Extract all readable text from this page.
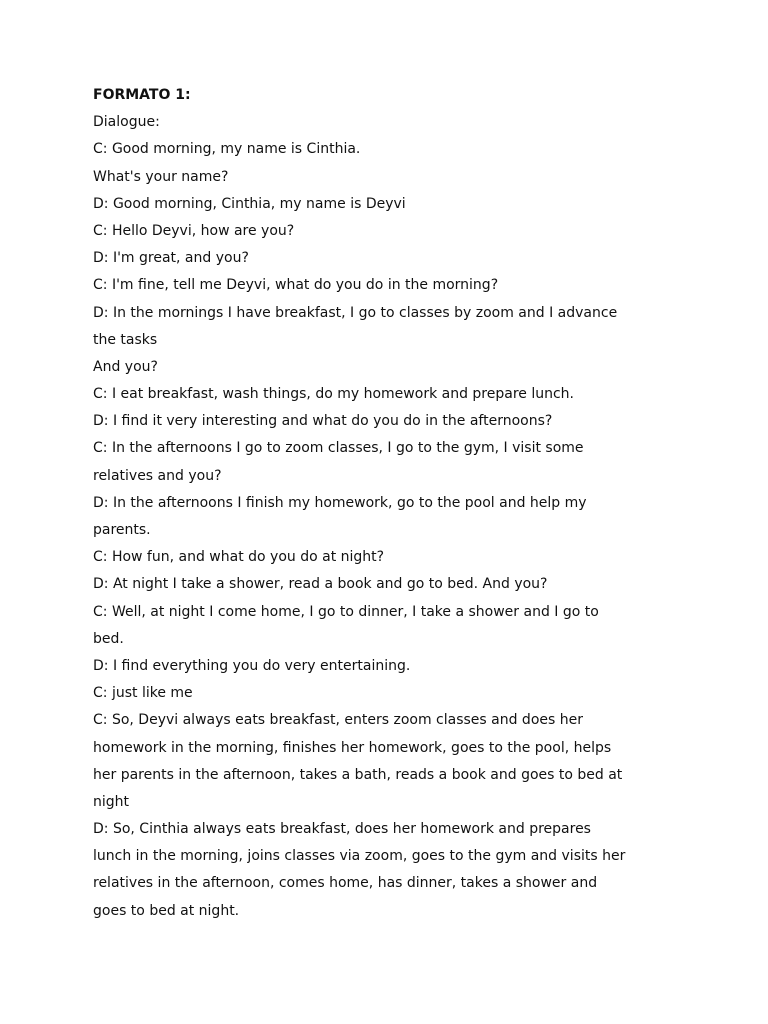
FORMATO 1:
Dialogue:
C: Good morning, my name is Cinthia.
What's your name?
D: Good morning, Cinthia, my name is Deyvi
C: Hello Deyvi, how are you?
D: I'm great, and you?
C: I'm fine, tell me Deyvi, what do you do in the morning?
D: In the mornings I have breakfast, I go to classes by zoom and I advance
the tasks
And you?
C: I eat breakfast, wash things, do my homework and prepare lunch.
D: I find it very interesting and what do you do in the afternoons?
C: In the afternoons I go to zoom classes, I go to the gym, I visit some
relatives and you?
D: In the afternoons I finish my homework, go to the pool and help my
parents.
C: How fun, and what do you do at night?
D: At night I take a shower, read a book and go to bed. And you?
C: Well, at night I come home, I go to dinner, I take a shower and I go to
bed.
D: I find everything you do very entertaining.
C: just like me
C: So, Deyvi always eats breakfast, enters zoom classes and does her
homework in the morning, finishes her homework, goes to the pool, helps
her parents in the afternoon, takes a bath, reads a book and goes to bed at
night
D: So, Cinthia always eats breakfast, does her homework and prepares
lunch in the morning, joins classes via zoom, goes to the gym and visits her
relatives in the afternoon, comes home, has dinner, takes a shower and
goes to bed at night.
